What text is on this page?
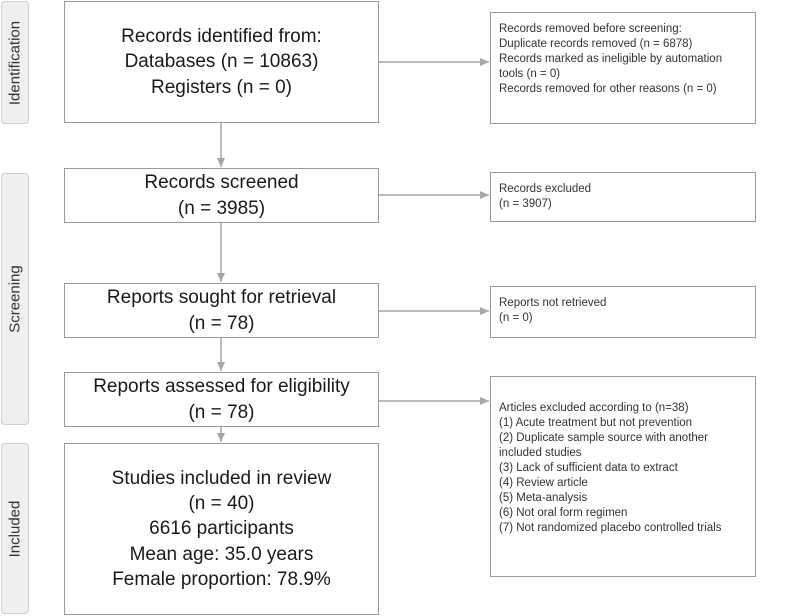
Identification
Screening
Included
Records identified from:
Databases (n = 10863)
Registers (n = 0)
Records screened
(n = 3985)
Reports sought for retrieval
(n = 78)
Reports assessed for eligibility
(n = 78)
Studies included in review
(n = 40)
6616 participants
Mean age: 35.0 years
Female proportion: 78.9%
Records removed before screening:
Duplicate records removed (n = 6878)
Records marked as ineligible by automation tools (n = 0)
Records removed for other reasons (n = 0)
Records excluded
(n = 3907)
Reports not retrieved
(n = 0)
Articles excluded according to (n=38)
(1) Acute treatment but not prevention
(2) Duplicate sample source with another included studies
(3) Lack of sufficient data to extract
(4) Review article
(5) Meta-analysis
(6) Not oral form regimen
(7) Not randomized placebo controlled trials
